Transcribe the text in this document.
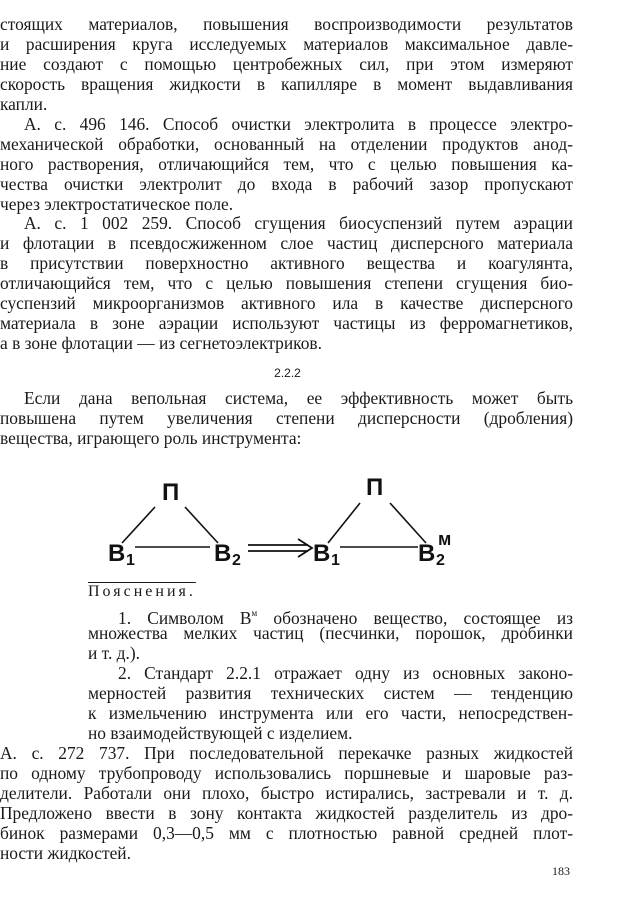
стоящих материалов, повышения воспроизводимости результатов
и расширения круга исследуемых материалов максимальное давле-
ние создают с помощью центробежных сил, при этом измеряют
скорость вращения жидкости в капилляре в момент выдавливания
капли.
А. с. 496 146. Способ очистки электролита в процессе электро-
механической обработки, основанный на отделении продуктов анод-
ного растворения, отличающийся тем, что с целью повышения ка-
чества очистки электролит до входа в рабочий зазор пропускают
через электростатическое поле.
А. с. 1 002 259. Способ сгущения биосуспензий путем аэрации
и флотации в псевдосжиженном слое частиц дисперсного материала
в присутствии поверхностно активного вещества и коагулянта,
отличающийся тем, что с целью повышения степени сгущения био-
суспензий микроорганизмов активного ила в качестве дисперсного
материала в зоне аэрации используют частицы из ферромагнетиков,
а в зоне флотации — из сегнетоэлектриков.
2.2.2
Если дана вепольная система, ее эффективность может быть
повышена путем увеличения степени дисперсности (дробления)
вещества, играющего роль инструмента:
П
В 1	В 2
П
В 1	В 2
м
Пояснения.
1. Символом $В^м$ обозначено вещество, состоящее из
множества мелких частиц (песчинки, порошок, дробинки
и т. д.).
2. Стандарт 2.2.1 отражает одну из основных законо-
мерностей развития технических систем — тенденцию
к измельчению инструмента или его части, непосредствен-
но взаимодействующей с изделием.
А. с. 272 737. При последовательной перекачке разных жидкостей
по одному трубопроводу использовались поршневые и шаровые раз-
делители. Работали они плохо, быстро истирались, застревали и т. д.
Предложено ввести в зону контакта жидкостей разделитель из дро-
бинок размерами 0,3—0,5 мм с плотностью равной средней плот-
ности жидкостей.
183
